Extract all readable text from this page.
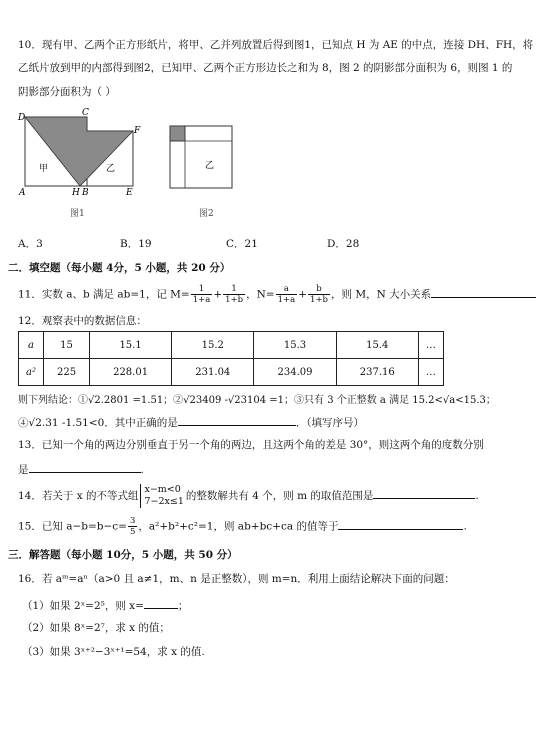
10．现有甲、乙两个正方形纸片，将甲、乙并列放置后得到图1，已知点 H 为 AE 的中点，连接 DH、FH，将
乙纸片放到甲的内部得到图2，已知甲、乙两个正方形边长之和为 8，图 2 的阴影部分面积为 6，则图 1 的
阴影部分面积为（ ）
D	C
F
A	H B	E
甲	乙
图1
乙
图2
A．3	B．19	C．21	D．28
二．填空题（每小题 4分，5 小题，共 20 分）
11．实数 a、b 满足 ab=1，记 $M= \frac{1}{1+a} + \frac{1}{1+b}$ ，$N= \frac{a}{1+a} + \frac{b}{1+b}$ ，则 M，N 大小关系
12．观察表中的数据信息：
a	15	15.1	15.2	15.3	15.4	…
a²	225	228.01	231.04	234.09	237.16	…
则下列结论：①√2.2801 =1.51；②√23409 -√23104 =1；③只有 3 个正整数 a 满足 15.2<√a<15.3；
④√2.31 -1.51<0．其中正确的是	．（填写序号）
13．已知一个角的两边分别垂直于另一个角的两边，且这两个角的差是 30°，则这两个角的度数分别
是	.
14．若关于 x 的不等式组
x−m<0
7−2x≤1 的整数解共有 4 个，则 m 的取值范围是	.
15．已知 $a-b=b-c= \frac{3}{5}$ ，a²+b²+c²=1，则 ab+bc+ca 的值等于	.
三．解答题（每小题 10分，5 小题，共 50 分）
16．若 aᵐ=aⁿ（a>0 且 a≠1，m、n 是正整数），则 m=n．利用上面结论解决下面的问题：
（1）如果 2ˣ=2⁵，则 x=	；
（2）如果 8ˣ=2⁷，求 x 的值；
（3）如果 3ˣ⁺²−3ˣ⁺¹=54，求 x 的值.
